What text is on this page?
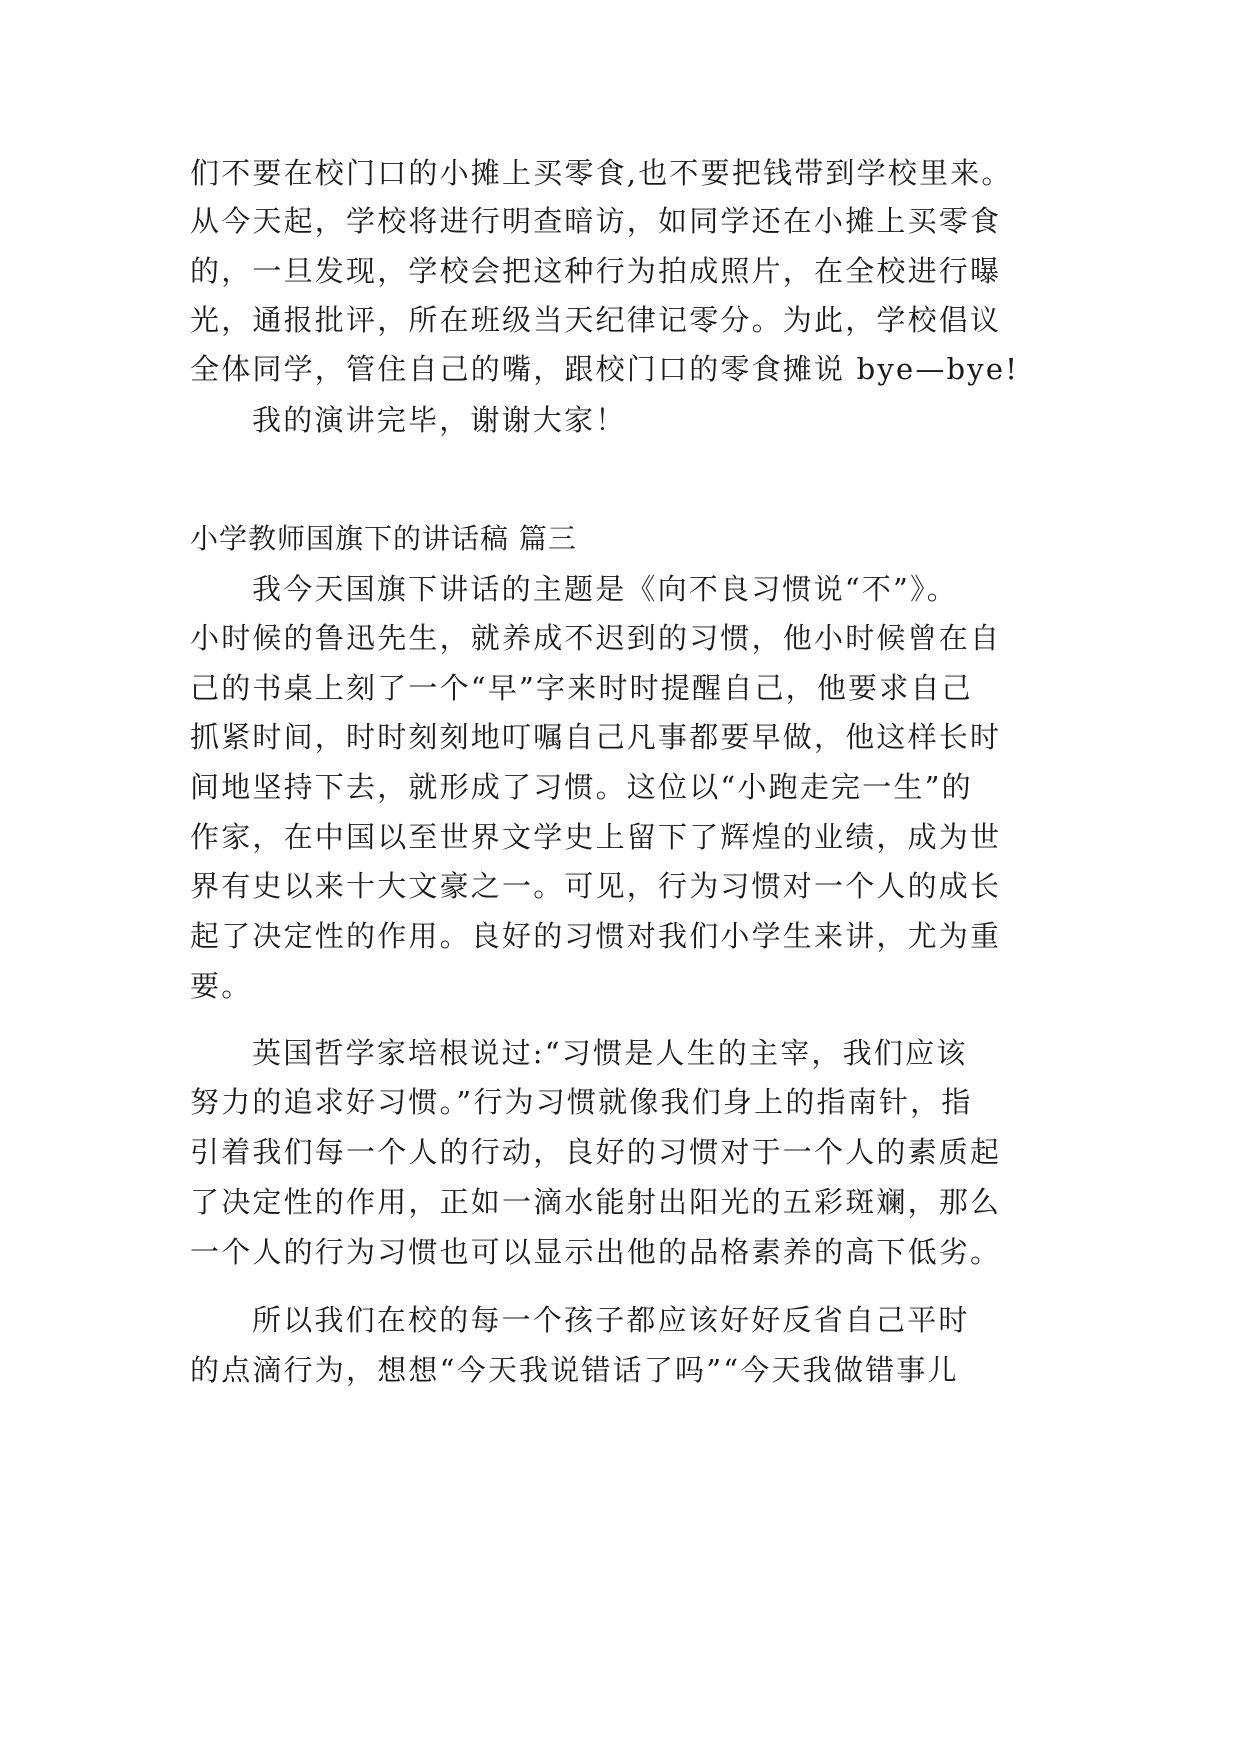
们不要在校门口的小摊上买零食,也不要把钱带到学校里来。
从今天起，学校将进行明查暗访，如同学还在小摊上买零食
的，一旦发现，学校会把这种行为拍成照片，在全校进行曝
光，通报批评，所在班级当天纪律记零分。为此，学校倡议
全体同学，管住自己的嘴，跟校门口的零食摊说 bye—bye!
我的演讲完毕，谢谢大家！
小学教师国旗下的讲话稿 篇三
我今天国旗下讲话的主题是《向不良习惯说“不”》。
小时候的鲁迅先生，就养成不迟到的习惯，他小时候曾在自
己的书桌上刻了一个“早”字来时时提醒自己，他要求自己
抓紧时间，时时刻刻地叮嘱自己凡事都要早做，他这样长时
间地坚持下去，就形成了习惯。这位以“小跑走完一生”的
作家，在中国以至世界文学史上留下了辉煌的业绩，成为世
界有史以来十大文豪之一。可见，行为习惯对一个人的成长
起了决定性的作用。良好的习惯对我们小学生来讲，尤为重
要。
英国哲学家培根说过:“习惯是人生的主宰，我们应该
努力的追求好习惯。”行为习惯就像我们身上的指南针，指
引着我们每一个人的行动，良好的习惯对于一个人的素质起
了决定性的作用，正如一滴水能射出阳光的五彩斑斓，那么
一个人的行为习惯也可以显示出他的品格素养的高下低劣。
所以我们在校的每一个孩子都应该好好反省自己平时
的点滴行为，想想“今天我说错话了吗”“今天我做错事儿
